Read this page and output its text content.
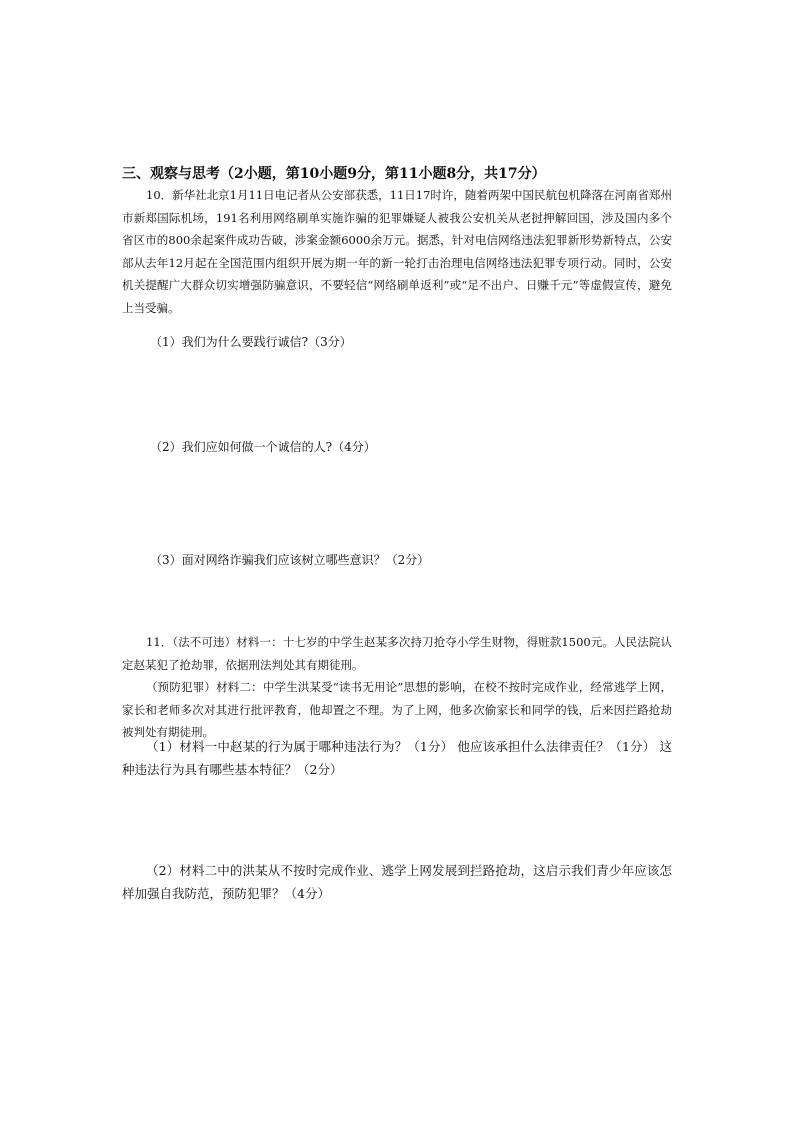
三、观察与思考（2小题，第10小题9分，第11小题8分，共17分）
10．新华社北京1月11日电记者从公安部获悉，11日17时许，随着两架中国民航包机降落在河南省郑州市新郑国际机场，191名利用网络刷单实施诈骗的犯罪嫌疑人被我公安机关从老挝押解回国，涉及国内多个省区市的800余起案件成功告破，涉案金额6000余万元。据悉，针对电信网络违法犯罪新形势新特点，公安部从去年12月起在全国范围内组织开展为期一年的新一轮打击治理电信网络违法犯罪专项行动。同时，公安机关提醒广大群众切实增强防骗意识，不要轻信“网络刷单返利”或“足不出户、日赚千元”等虚假宣传，避免上当受骗。
（1）我们为什么要践行诚信?（3分）
（2）我们应如何做一个诚信的人?（4分）
（3）面对网络诈骗我们应该树立哪些意识？（2分）
11．（法不可违）材料一：十七岁的中学生赵某多次持刀抢夺小学生财物，得赃款1500元。人民法院认定赵某犯了抢劫罪，依据刑法判处其有期徒刑。
（预防犯罪）材料二：中学生洪某受“读书无用论”思想的影响，在校不按时完成作业，经常逃学上网，家长和老师多次对其进行批评教育，他却置之不理。为了上网，他多次偷家长和同学的钱，后来因拦路抢劫被判处有期徒刑。
（1）材料一中赵某的行为属于哪种违法行为？（1分） 他应该承担什么法律责任？（1分） 这种违法行为具有哪些基本特征？（2分）
（2）材料二中的洪某从不按时完成作业、逃学上网发展到拦路抢劫，这启示我们青少年应该怎样加强自我防范，预防犯罪？（4分）
